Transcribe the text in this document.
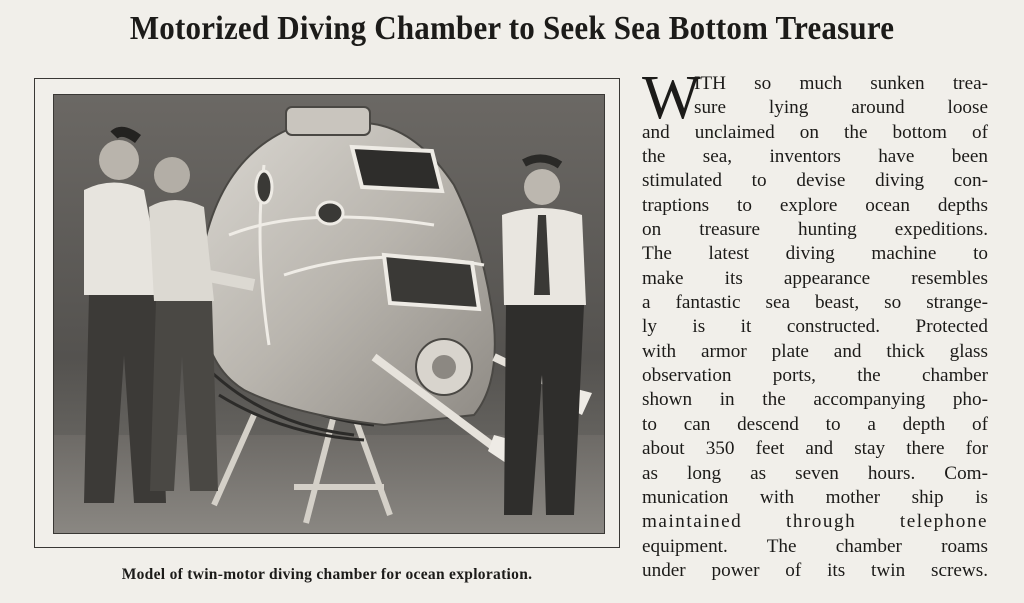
Motorized Diving Chamber to Seek Sea Bottom Treasure
Model of twin-motor diving chamber for ocean exploration.
W
ITH so much sunken trea-
sure lying around loose
and unclaimed on the bottom of
the sea, inventors have been
stimulated to devise diving con-
traptions to explore ocean depths
on treasure hunting expeditions.
The latest diving machine to
make its appearance resembles
a fantastic sea beast, so strange-
ly is it constructed. Protected
with armor plate and thick glass
observation ports, the chamber
shown in the accompanying pho-
to can descend to a depth of
about 350 feet and stay there for
as long as seven hours. Com-
munication with mother ship is
maintained through telephone
equipment. The chamber roams
under power of its twin screws.
